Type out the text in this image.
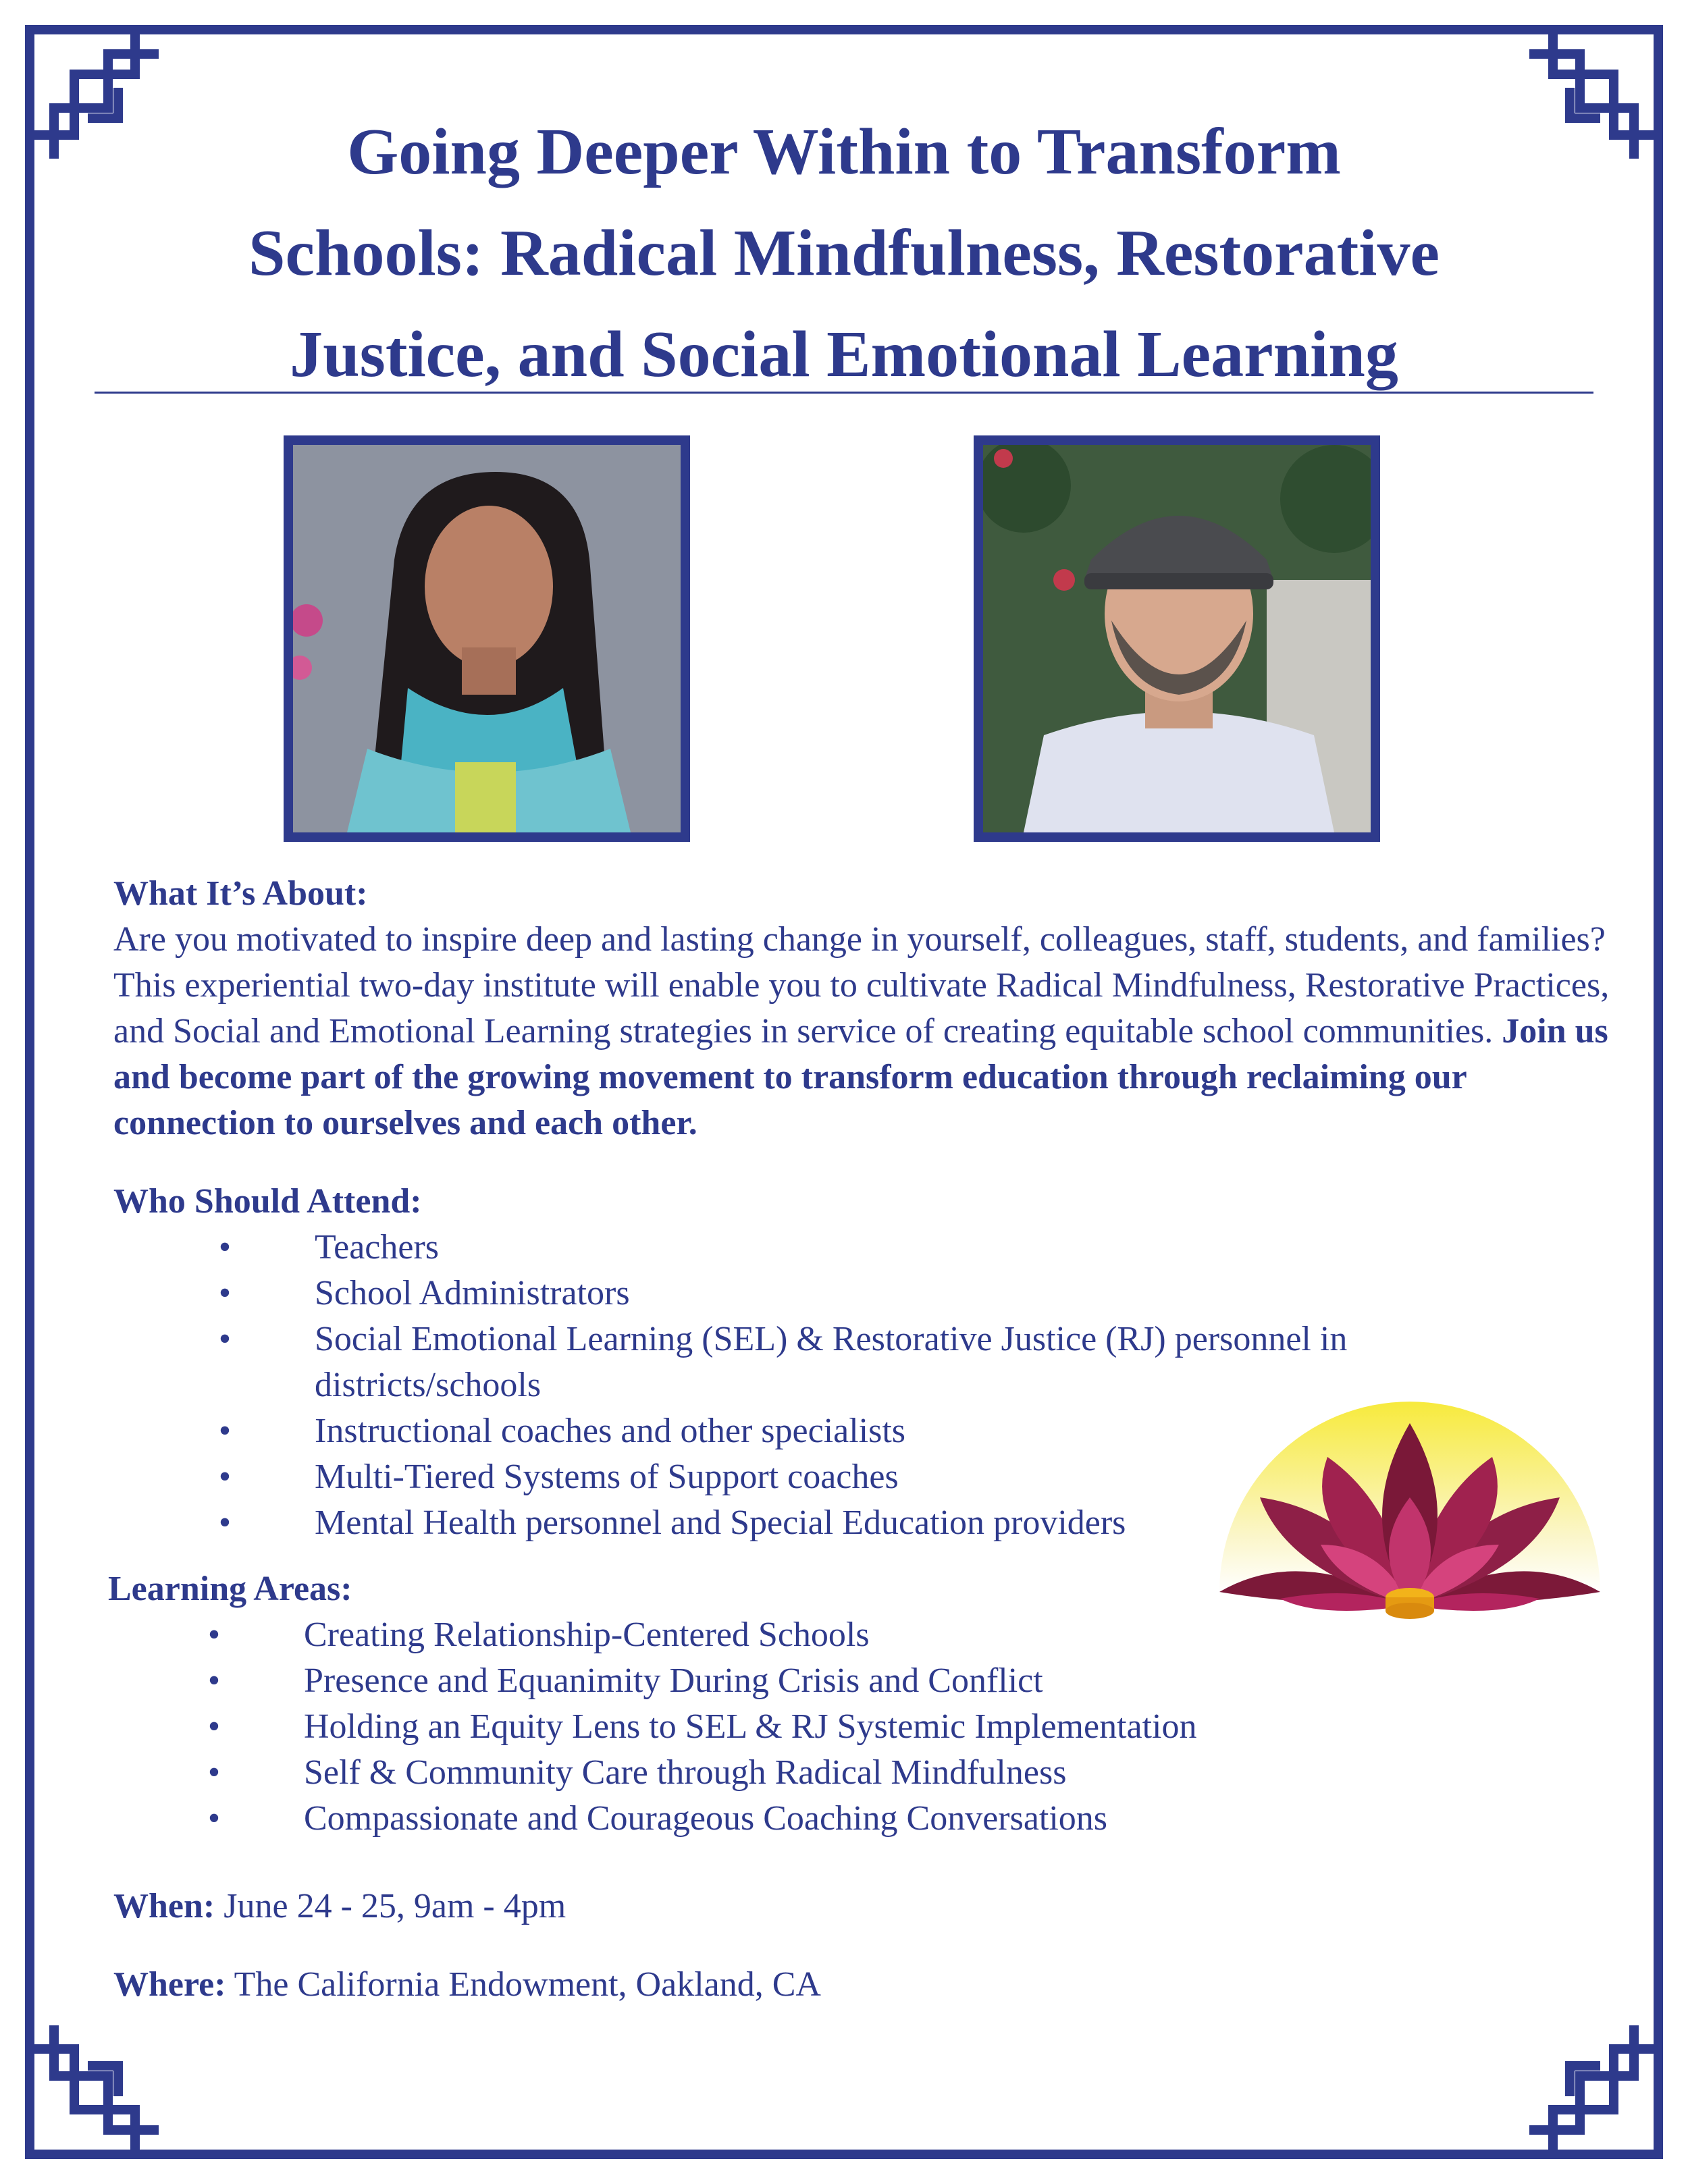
Going Deeper Within to Transform
Schools: Radical Mindfulness, Restorative
Justice, and Social Emotional Learning

What It’s About:

Are you motivated to inspire deep and lasting change in yourself, colleagues, staff, students, and families? This experiential two-day institute will enable you to cultivate Radical Mindfulness, Restorative Practices, and Social and Emotional Learning strategies in service of creating equitable school communities. Join us and become part of the growing movement to transform education through reclaiming our connection to ourselves and each other.

Who Should Attend:

• Teachers
• School Administrators
• Social Emotional Learning (SEL) & Restorative Justice (RJ) personnel in districts/schools
• Instructional coaches and other specialists
• Multi-Tiered Systems of Support coaches
• Mental Health personnel and Special Education providers

Learning Areas:

• Creating Relationship-Centered Schools
• Presence and Equanimity During Crisis and Conflict
• Holding an Equity Lens to SEL & RJ Systemic Implementation
• Self & Community Care through Radical Mindfulness
• Compassionate and Courageous Coaching Conversations

When: June 24 - 25, 9am - 4pm

Where: The California Endowment, Oakland, CA
